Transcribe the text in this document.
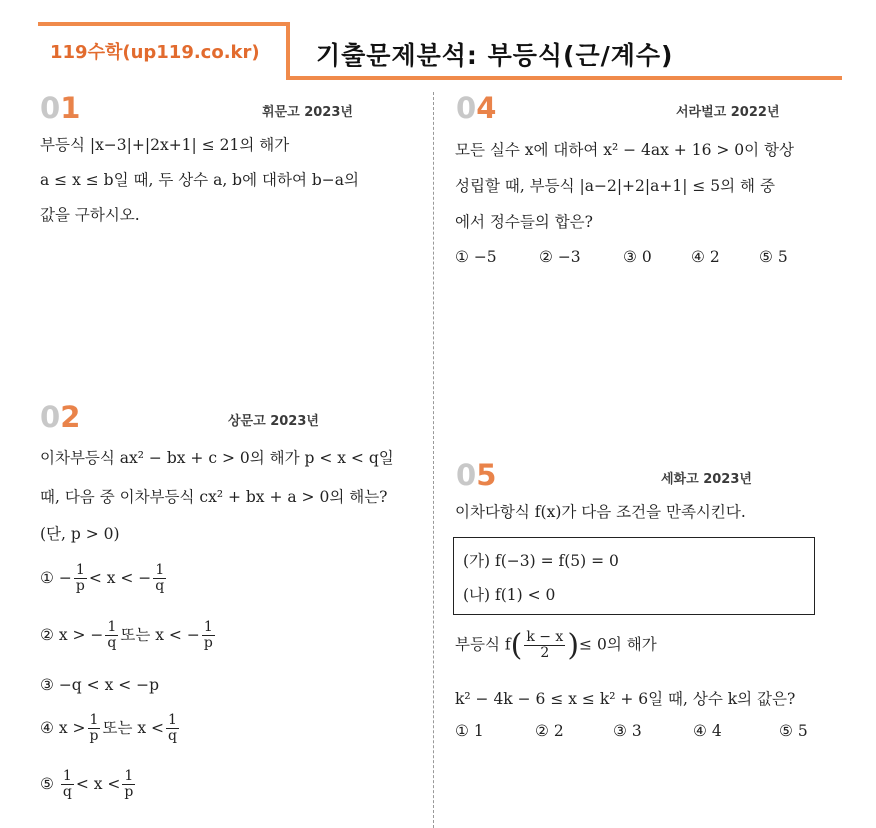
119수학(up119.co.kr) 기출문제분석: 부등식(근/계수)
01	휘문고 2023년
부등식 |x−3|+|2x+1| ≤ 21의 해가
a ≤ x ≤ b일 때, 두 상수 a, b에 대하여 b−a의
값을 구하시오.
02	상문고 2023년
이차부등식 ax² − bx + c > 0의 해가 p < x < q일
때, 다음 중 이차부등식 cx² + bx + a > 0의 해는?
(단, p > 0)
① − $\frac{1}{p} < x$ < − $\frac{1}{q}$
② x > − $\frac{1}{q}$ 또는 x < − $\frac{1}{p}$
③ −q < x < −p
④ $x > \frac{1}{p}$ 또는 $x < \frac{1}{q}$
⑤ $\frac{1}{q} < x < \frac{1}{p}$
04	서라벌고 2022년
모든 실수 x에 대하여 x² − 4ax + 16 > 0이 항상
성립할 때, 부등식 |a−2|+2|a+1| ≤ 5의 해 중
에서 정수들의 합은?
① −5	② −3	③ 0	④ 2	⑤ 5
05	세화고 2023년
이차다항식 f(x)가 다음 조건을 만족시킨다.
(가) f(−3) = f(5) = 0
(나) f(1) < 0
부등식 $f( \frac{k - x}{2}$ )≤ 0의 해가
k² − 4k − 6 ≤ x ≤ k² + 6일 때, 상수 k의 값은?
① 1	② 2	③ 3	④ 4	⑤ 5
